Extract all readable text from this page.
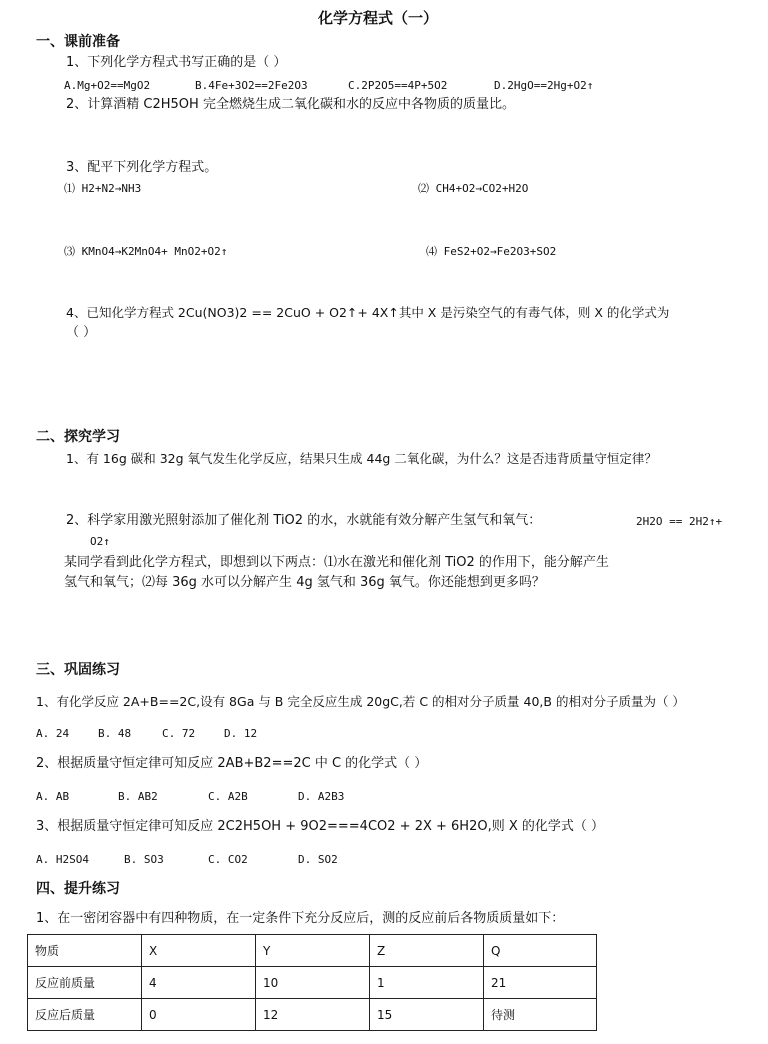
化学方程式（一）
一、课前准备
1、下列化学方程式书写正确的是（ ）
A.Mg+O2==MgO2	B.4Fe+3O2==2Fe2O3	C.2P2O5==4P+5O2	D.2HgO==2Hg+O2↑
2、计算酒精 C2H5OH 完全燃烧生成二氧化碳和水的反应中各物质的质量比。
3、配平下列化学方程式。
⑴ H2+N2→NH3	⑵ CH4+O2→CO2+H2O
⑶ KMnO4→K2MnO4+ MnO2+O2↑	⑷ FeS2+O2→Fe2O3+SO2
4、已知化学方程式 2Cu(NO3)2 == 2CuO + O2↑+ 4X↑其中 X 是污染空气的有毒气体，则 X 的化学式为
（ ）
二、探究学习
1、有 16g 碳和 32g 氧气发生化学反应，结果只生成 44g 二氧化碳，为什么？这是否违背质量守恒定律？
2、科学家用激光照射添加了催化剂 TiO2 的水，水就能有效分解产生氢气和氧气：	2H2O == 2H2↑+
O2↑
某同学看到此化学方程式，即想到以下两点：⑴水在激光和催化剂 TiO2 的作用下，能分解产生
氢气和氧气；⑵每 36g 水可以分解产生 4g 氢气和 36g 氧气。你还能想到更多吗？
三、巩固练习
1、有化学反应 2A+B==2C,设有 8Ga 与 B 完全反应生成 20gC,若 C 的相对分子质量 40,B 的相对分子质量为（ ）
A. 24	B. 48	C. 72	D. 12
2、根据质量守恒定律可知反应 2AB+B2==2C 中 C 的化学式（ ）
A. AB	B. AB2	C. A2B	D. A2B3
3、根据质量守恒定律可知反应 2C2H5OH + 9O2===4CO2 + 2X + 6H2O,则 X 的化学式（ ）
A. H2SO4	B. SO3	C. CO2	D. SO2
四、提升练习
1、在一密闭容器中有四种物质，在一定条件下充分反应后，测的反应前后各物质质量如下：
物质	X	Y	Z	Q
反应前质量	4	10	1	21
反应后质量	0	12	15	待测
